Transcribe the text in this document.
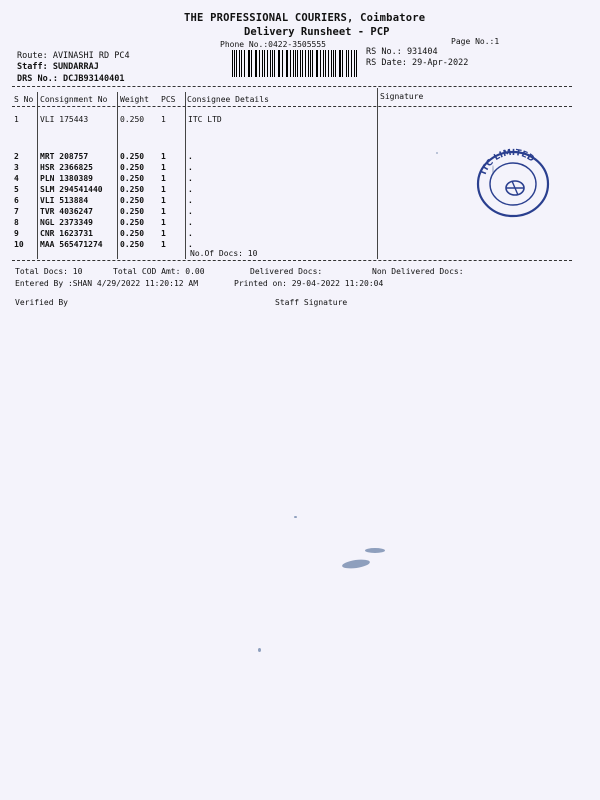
THE PROFESSIONAL COURIERS, Coimbatore
Delivery Runsheet - PCP
Phone No.:0422-3505555	Page No.:1
Route: AVINASHI RD PC4
Staff: SUNDARRAJ
DRS No.: DCJB93140401
RS No.: 931404
RS Date: 29-Apr-2022
S No Consignment No Weight PCS Consignee Details	Signature
1	VLI 175443	0.250 1	ITC LTD
2	MRT 208757	0.250 1	.
3	HSR 2366825	0.250 1	.
4	PLN 1380389	0.250 1	.
5	SLM 294541440 0.250 1	.
6	VLI 513884	0.250 1	.
7	TVR 4036247	0.250 1	.
8	NGL 2373349	0.250 1	.
9	CNR 1623731	0.250 1	.
10 MAA 565471274 0.250 1	.
No.Of Docs: 10
Total Docs: 10	Total COD Amt: 0.00	Delivered Docs:	Non Delivered Docs:
Entered By :SHAN 4/29/2022 11:20:12 AM	Printed on: 29-04-2022 11:20:04
Verified By	Staff Signature
ITC LIMITED
